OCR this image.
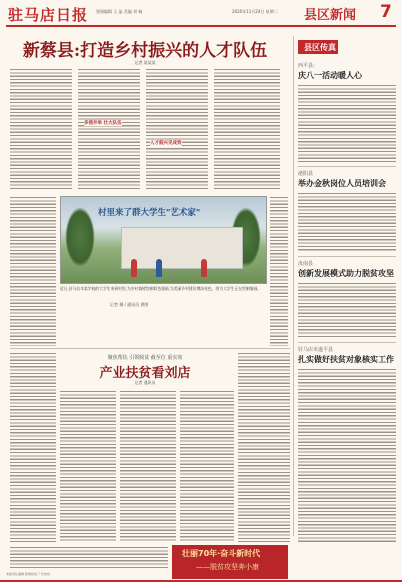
驻马店日报 要闻编辑 王 晶 美编 刘 畅	2020年11月24日 星期二 县区新闻 7
新蔡县:打造乡村振兴的人才队伍
记者 某某某
多措并举 壮大队伍
人才振兴见成效
村里来了群大学生"艺术家"
近日,驻马店市某学校的大学生来到村里,为乡村墙壁绘制彩色墙画,为美丽乡村建设增添亮色。图为大学生正在绘制墙画。
记者 摄 / 通讯员 供图
聚焦帮扶 引领脱贫 截至位 重实效
产业扶贫看刘店
记者 通讯员
壮丽70年·奋斗新时代
——脱贫攻坚奔小康
县区传真
西平县:
庆八一活动暖人心
泌阳县
举办金秋岗位人员培训会
汝南县
创新发展模式助力脱贫攻坚
驻马店市遂平县
扎实做好扶贫对象核实工作
本版责任编辑 新闻热线 广告热线
